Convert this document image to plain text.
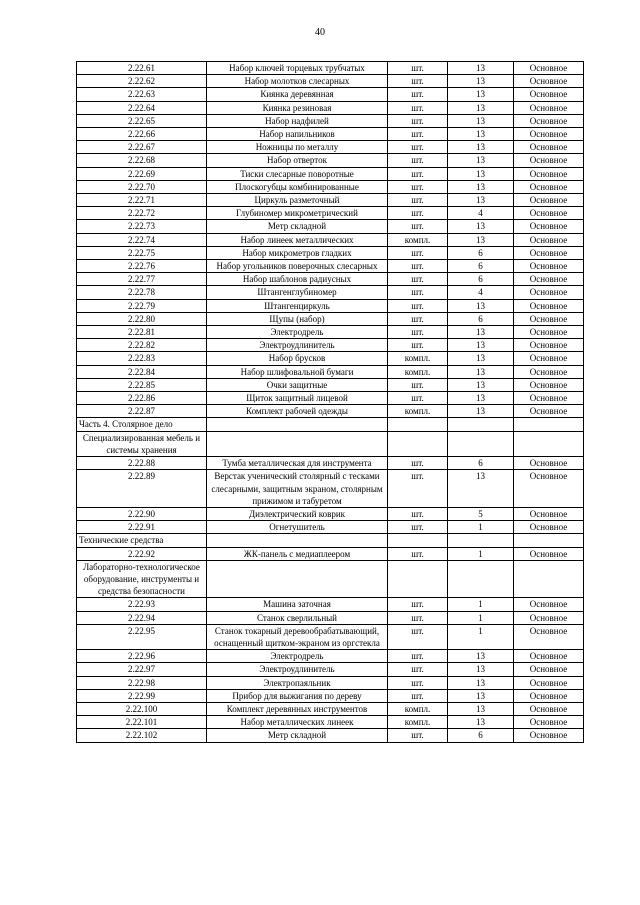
40
2.22.61	Набор ключей торцевых трубчатых	шт.	13	Основное
2.22.62	Набор молотков слесарных	шт.	13	Основное
2.22.63	Киянка деревянная	шт.	13	Основное
2.22.64	Киянка резиновая	шт.	13	Основное
2.22.65	Набор надфилей	шт.	13	Основное
2.22.66	Набор напильников	шт.	13	Основное
2.22.67	Ножницы по металлу	шт.	13	Основное
2.22.68	Набор отверток	шт.	13	Основное
2.22.69	Тиски слесарные поворотные	шт.	13	Основное
2.22.70	Плоскогубцы комбинированные	шт.	13	Основное
2.22.71	Циркуль разметочный	шт.	13	Основное
2.22.72	Глубиномер микрометрический	шт.	4	Основное
2.22.73	Метр складной	шт.	13	Основное
2.22.74	Набор линеек металлических	компл.	13	Основное
2.22.75	Набор микрометров гладких	шт.	6	Основное
2.22.76	Набор угольников поверочных слесарных	шт.	6	Основное
2.22.77	Набор шаблонов радиусных	шт.	6	Основное
2.22.78	Штангенглубиномер	шт.	4	Основное
2.22.79	Штангенциркуль	шт.	13	Основное
2.22.80	Щупы (набор)	шт.	6	Основное
2.22.81	Электродрель	шт.	13	Основное
2.22.82	Электроудлинитель	шт.	13	Основное
2.22.83	Набор брусков	компл.	13	Основное
2.22.84	Набор шлифовальной бумаги	компл.	13	Основное
2.22.85	Очки защитные	шт.	13	Основное
2.22.86	Щиток защитный лицевой	шт.	13	Основное
2.22.87	Комплект рабочей одежды	компл.	13	Основное
Часть 4. Столярное дело				
Специализированная мебель и системы хранения				
2.22.88	Тумба металлическая для инструмента	шт.	6	Основное
2.22.89	Верстак ученический столярный с тесками слесарными, защитным экраном, столярным прижимом и табуретом	шт.	13	Основное
2.22.90	Диэлектрический коврик	шт.	5	Основное
2.22.91	Огнетушитель	шт.	1	Основное
Технические средства				
2.22.92	ЖК-панель с медиаплеером	шт.	1	Основное
Лабораторно-технологическое оборудование, инструменты и средства безопасности				
2.22.93	Машина заточная	шт.	1	Основное
2.22.94	Станок сверлильный	шт.	1	Основное
2.22.95	Станок токарный деревообрабатывающий, оснащенный щитком-экраном из оргстекла	шт.	1	Основное
2.22.96	Электродрель	шт.	13	Основное
2.22.97	Электроудлинитель	шт.	13	Основное
2.22.98	Электропаяльник	шт.	13	Основное
2.22.99	Прибор для выжигания по дереву	шт.	13	Основное
2.22.100	Комплект деревянных инструментов	компл.	13	Основное
2.22.101	Набор металлических линеек	компл.	13	Основное
2.22.102	Метр складной	шт.	6	Основное
